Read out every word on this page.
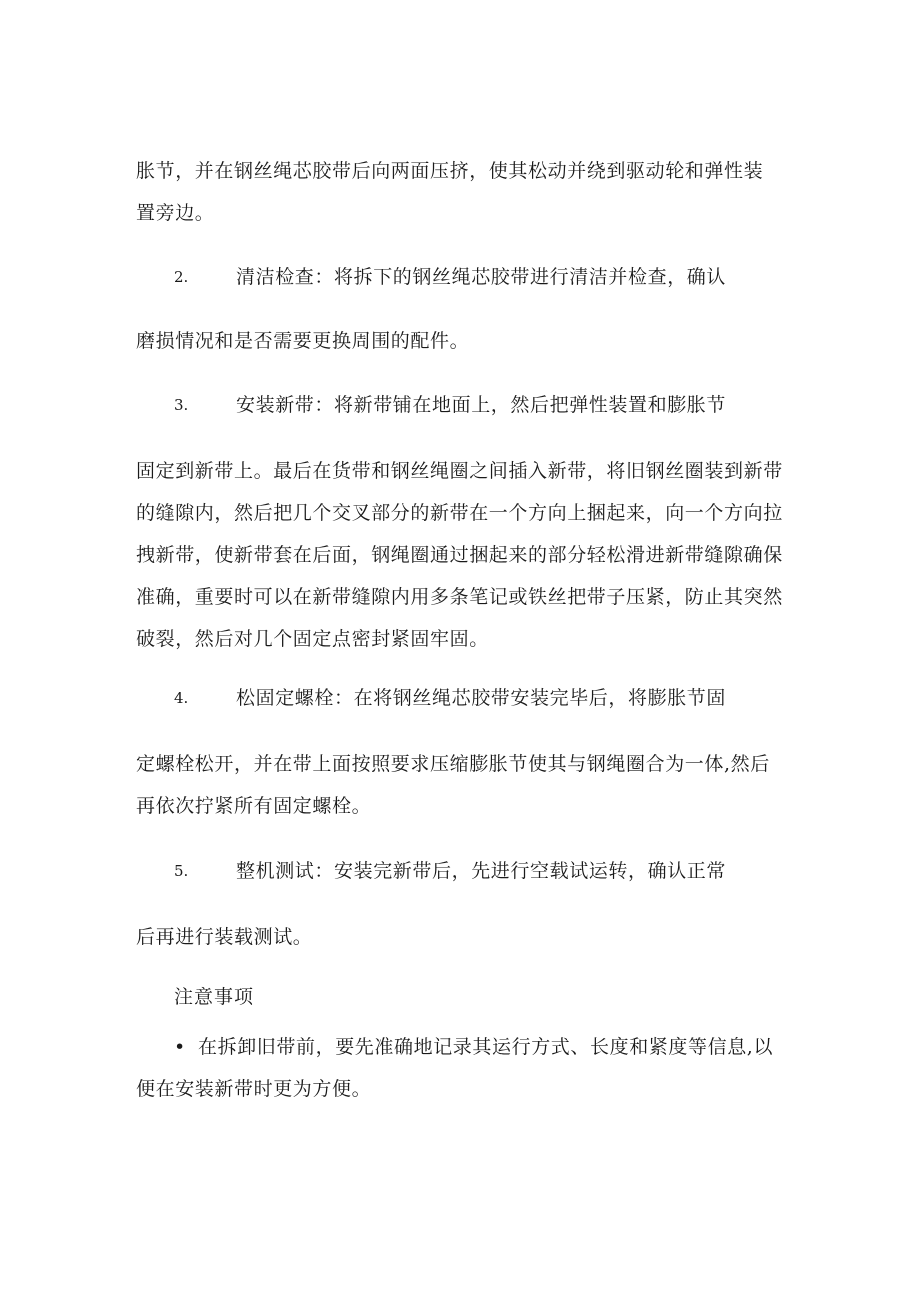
胀节，并在钢丝绳芯胶带后向两面压挤，使其松动并绕到驱动轮和弹性装
置旁边。
2.	清洁检查：将拆下的钢丝绳芯胶带进行清洁并检查，确认
磨损情况和是否需要更换周围的配件。
3.	安装新带：将新带铺在地面上，然后把弹性装置和膨胀节
固定到新带上。最后在货带和钢丝绳圈之间插入新带，将旧钢丝圈装到新带的缝隙内，然后把几个交叉部分的新带在一个方向上捆起来，向一个方向拉拽新带，使新带套在后面，钢绳圈通过捆起来的部分轻松滑进新带缝隙确保准确，重要时可以在新带缝隙内用多条笔记或铁丝把带子压紧，防止其突然破裂，然后对几个固定点密封紧固牢固。
4.	松固定螺栓：在将钢丝绳芯胶带安装完毕后，将膨胀节固
定螺栓松开，并在带上面按照要求压缩膨胀节使其与钢绳圈合为一体,然后再依次拧紧所有固定螺栓。
5.	整机测试：安装完新带后，先进行空载试运转，确认正常
后再进行装载测试。
注意事项
• 在拆卸旧带前，要先准确地记录其运行方式、长度和紧度等信息,以便在安装新带时更为方便。
